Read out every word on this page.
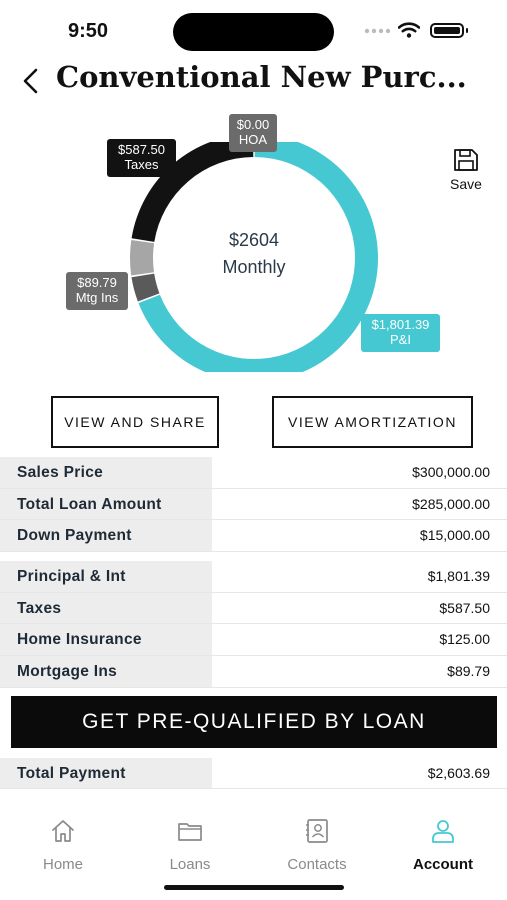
9:50
Conventional New Purc...
$2604
Monthly
$0.00
HOA
$587.50
Taxes
$89.79
Mtg Ins
$1,801.39
P&I
Save
VIEW AND SHARE	VIEW AMORTIZATION
Sales Price	$300,000.00
Total Loan Amount	$285,000.00
Down Payment	$15,000.00
Principal & Int	$1,801.39
Taxes	$587.50
Home Insurance	$125.00
Mortgage Ins	$89.79
GET PRE-QUALIFIED BY LOAN
Total Payment	$2,603.69
Home	Loans	Contacts	Account
